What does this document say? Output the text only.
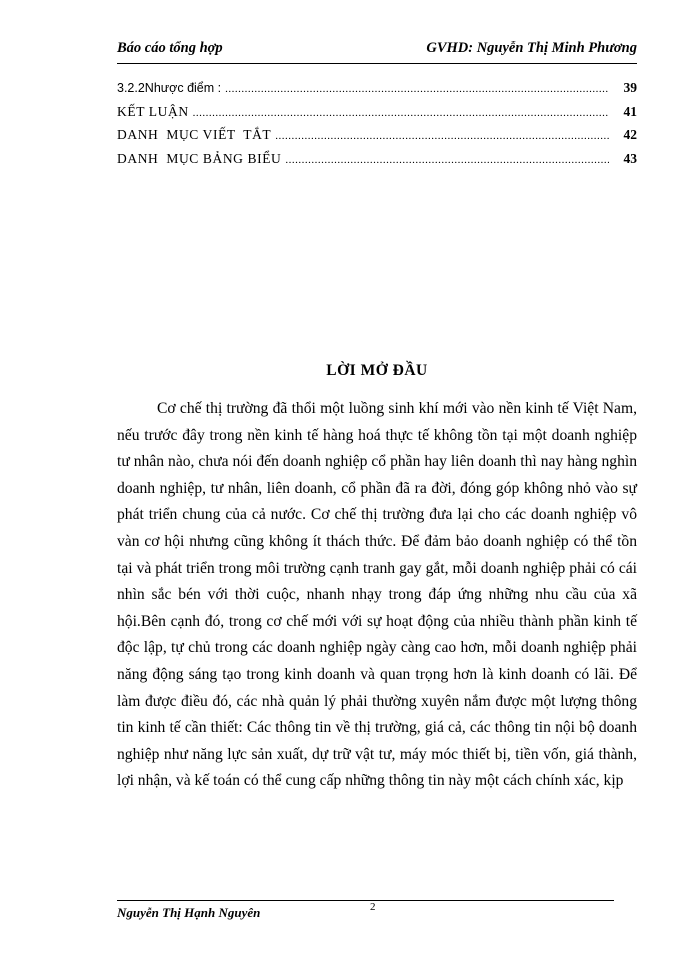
Báo cáo tổng hợp	GVHD: Nguyễn Thị Minh Phương
3.2.2Nhược điểm : .....	39
KẾT LUẬN .....	41
DANH  MỤC VIẾT  TẮT .....	42
DANH  MỤC BẢNG BIỂU .....	43
LỜI MỞ ĐẦU

Cơ chế thị trường đã thổi một luồng sinh khí mới vào nền kinh tế Việt Nam, nếu trước đây trong nền kinh tế hàng hoá thực tế không tồn tại một doanh nghiệp tư nhân nào, chưa nói đến doanh nghiệp cổ phần hay liên doanh thì nay hàng nghìn doanh nghiệp, tư nhân, liên doanh, cổ phần đã ra đời, đóng góp không nhỏ vào sự phát triển chung của cả nước. Cơ chế thị trường đưa lại cho các doanh nghiệp vô vàn cơ hội nhưng cũng không ít thách thức. Để đảm bảo doanh nghiệp có thể tồn tại và phát triển trong môi trường cạnh tranh gay gắt, mỗi doanh nghiệp phải có cái nhìn sắc bén với thời cuộc, nhanh nhạy trong đáp ứng những nhu cầu của xã hội.Bên cạnh đó, trong cơ chế mới với sự hoạt động của nhiều thành phần kinh tế độc lập, tự chủ trong các doanh nghiệp ngày càng cao hơn, mỗi doanh nghiệp phải năng động sáng tạo trong kinh doanh và quan trọng hơn là kinh doanh có lãi. Để làm được điều đó, các nhà quản lý phải thường xuyên nắm được một lượng thông tin kinh tế cần thiết: Các thông tin về thị trường, giá cả, các thông tin nội bộ doanh nghiệp như năng lực sản xuất, dự trữ vật tư, máy móc thiết bị, tiền vốn, giá thành, lợi nhận, và kế toán có thể cung cấp những thông tin này một cách chính xác, kịp

Nguyễn Thị Hạnh Nguyên	2
